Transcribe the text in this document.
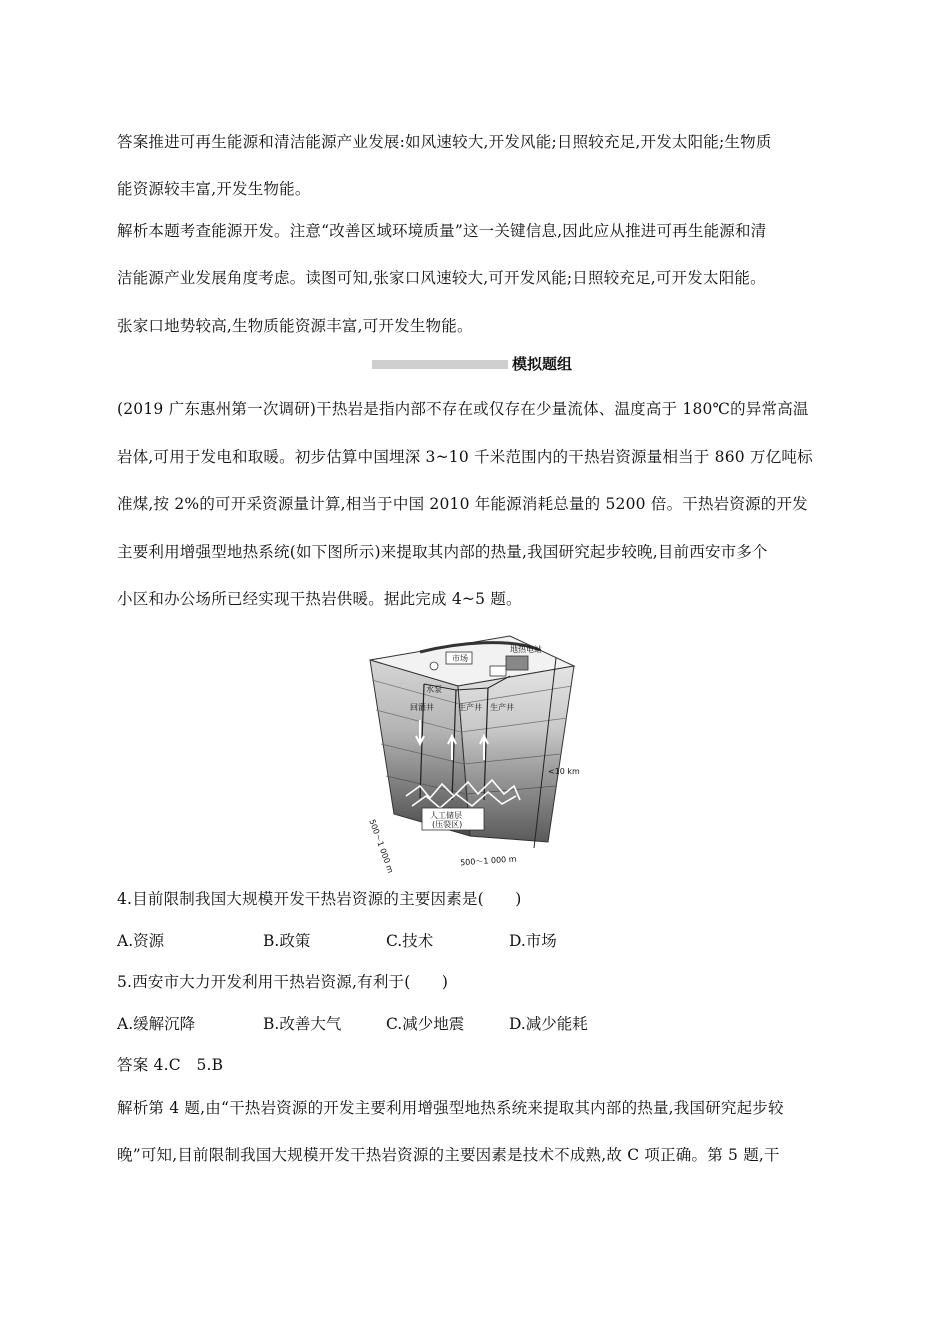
答案推进可再生能源和清洁能源产业发展:如风速较大,开发风能;日照较充足,开发太阳能;生物质
能资源较丰富,开发生物能。
解析本题考查能源开发。注意“改善区域环境质量”这一关键信息,因此应从推进可再生能源和清
洁能源产业发展角度考虑。读图可知,张家口风速较大,可开发风能;日照较充足,可开发太阳能。
张家口地势较高,生物质能资源丰富,可开发生物能。
模拟题组
(2019 广东惠州第一次调研)干热岩是指内部不存在或仅存在少量流体、温度高于 180℃的异常高温
岩体,可用于发电和取暖。初步估算中国埋深 3~10 千米范围内的干热岩资源量相当于 860 万亿吨标
准煤,按 2%的可开采资源量计算,相当于中国 2010 年能源消耗总量的 5200 倍。干热岩资源的开发
主要利用增强型地热系统(如下图所示)来提取其内部的热量,我国研究起步较晚,目前西安市多个
小区和办公场所已经实现干热岩供暖。据此完成 4~5 题。
市场
地热电站
水泵
回灌井	生产井 生产井
<10 km
人工储层
(压裂区)
500～1 000 m	500～1 000 m
4.目前限制我国大规模开发干热岩资源的主要因素是(　　)
A.资源	B.政策	C.技术	D.市场
5.西安市大力开发利用干热岩资源,有利于(　　)
A.缓解沉降	B.改善大气	C.减少地震	D.减少能耗
答案 4.C　5.B
解析第 4 题,由“干热岩资源的开发主要利用增强型地热系统来提取其内部的热量,我国研究起步较
晚”可知,目前限制我国大规模开发干热岩资源的主要因素是技术不成熟,故 C 项正确。第 5 题,干
